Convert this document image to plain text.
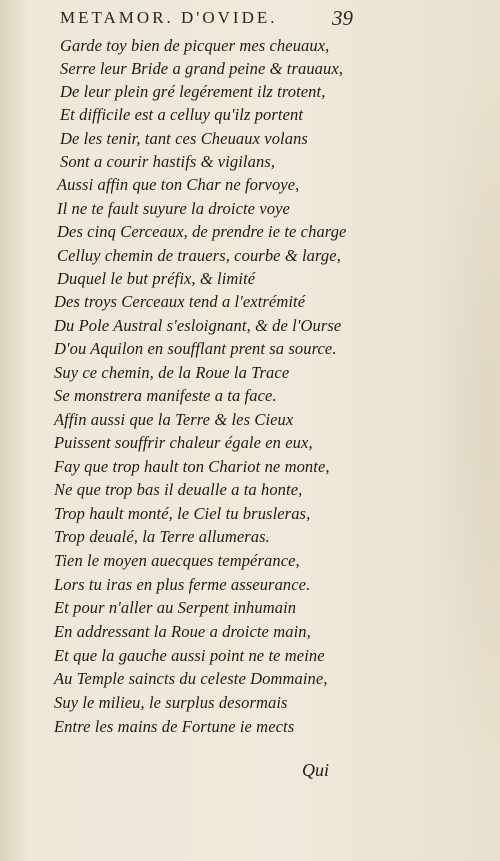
METAMOR. D'OVIDE.	39
Garde toy bien de picquer mes cheuaux,
Serre leur Bride a grand peine & trauaux,
De leur plein gré legérement ilz trotent,
Et difficile est a celluy qu'ilz portent
De les tenir, tant ces Cheuaux volans
Sont a courir hastifs & vigilans,
Aussi affin que ton Char ne forvoye,
Il ne te fault suyure la droicte voye
Des cinq Cerceaux, de prendre ie te charge
Celluy chemin de trauers, courbe & large,
Duquel le but préfix, & limité
Des troys Cerceaux tend a l'extrémité
Du Pole Austral s'esloignant, & de l'Ourse
D'ou Aquilon en soufflant prent sa source.
Suy ce chemin, de la Roue la Trace
Se monstrera manifeste a ta face.
Affin aussi que la Terre & les Cieux
Puissent souffrir chaleur égale en eux,
Fay que trop hault ton Chariot ne monte,
Ne que trop bas il deualle a ta honte,
Trop hault monté, le Ciel tu brusleras,
Trop deualé, la Terre allumeras.
Tien le moyen auecques tempérance,
Lors tu iras en plus ferme asseurance.
Et pour n'aller au Serpent inhumain
En addressant la Roue a droicte main,
Et que la gauche aussi point ne te meine
Au Temple saincts du celeste Dommaine,
Suy le milieu, le surplus desormais
Entre les mains de Fortune ie mects
Qui
